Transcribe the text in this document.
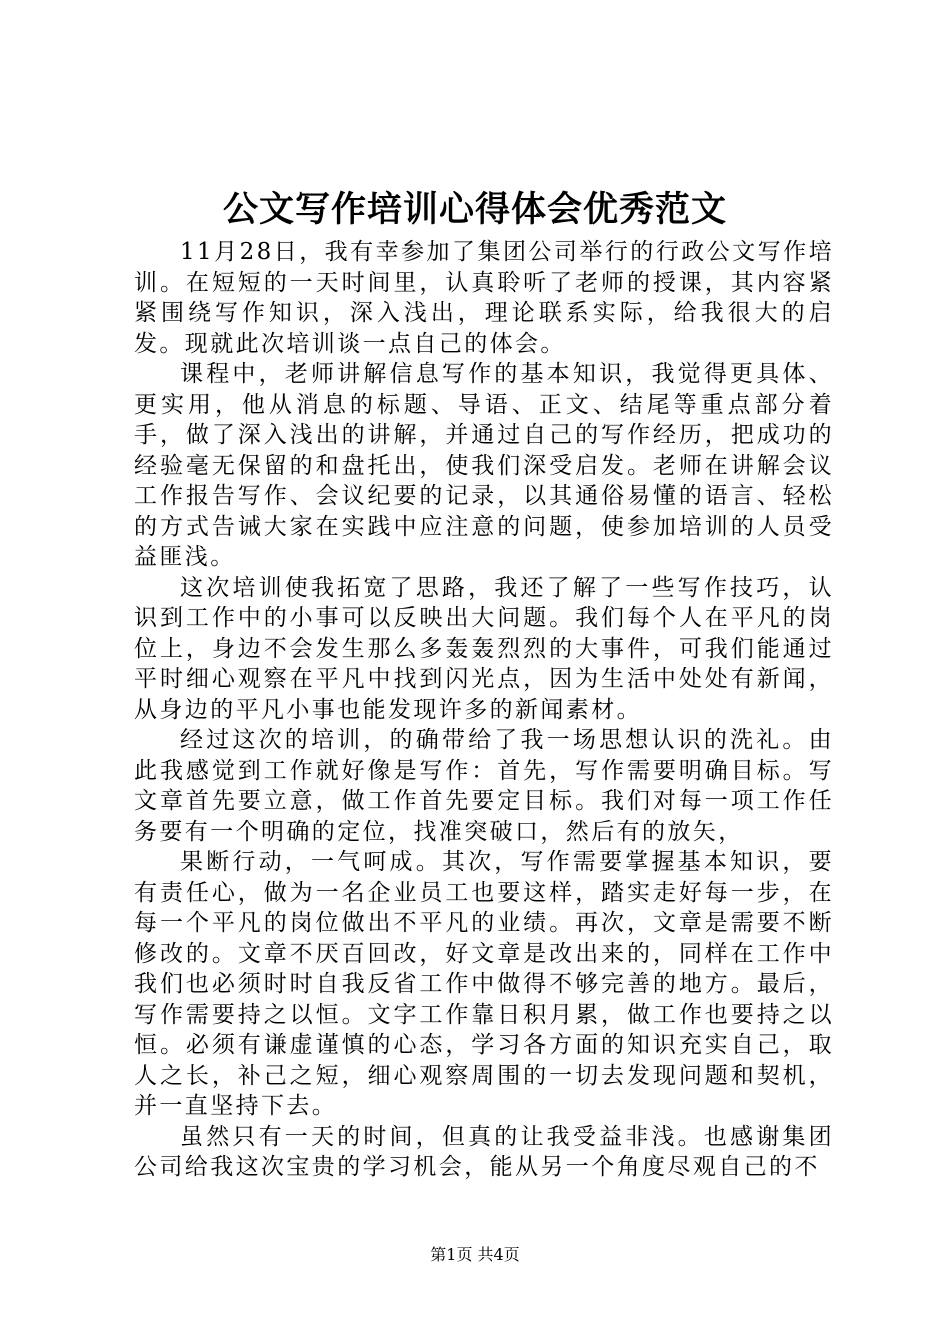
公文写作培训心得体会优秀范文

11月28日，我有幸参加了集团公司举行的行政公文写作培训。在短短的一天时间里，认真聆听了老师的授课，其内容紧紧围绕写作知识，深入浅出，理论联系实际，给我很大的启发。现就此次培训谈一点自己的体会。

课程中，老师讲解信息写作的基本知识，我觉得更具体、更实用，他从消息的标题、导语、正文、结尾等重点部分着手，做了深入浅出的讲解，并通过自己的写作经历，把成功的经验毫无保留的和盘托出，使我们深受启发。老师在讲解会议工作报告写作、会议纪要的记录，以其通俗易懂的语言、轻松的方式告诫大家在实践中应注意的问题，使参加培训的人员受益匪浅。

这次培训使我拓宽了思路，我还了解了一些写作技巧，认识到工作中的小事可以反映出大问题。我们每个人在平凡的岗位上，身边不会发生那么多轰轰烈烈的大事件，可我们能通过平时细心观察在平凡中找到闪光点，因为生活中处处有新闻，从身边的平凡小事也能发现许多的新闻素材。

经过这次的培训，的确带给了我一场思想认识的洗礼。由此我感觉到工作就好像是写作：首先，写作需要明确目标。写文章首先要立意，做工作首先要定目标。我们对每一项工作任务要有一个明确的定位，找准突破口，然后有的放矢，

果断行动，一气呵成。其次，写作需要掌握基本知识，要有责任心，做为一名企业员工也要这样，踏实走好每一步，在每一个平凡的岗位做出不平凡的业绩。再次，文章是需要不断修改的。文章不厌百回改，好文章是改出来的，同样在工作中我们也必须时时自我反省工作中做得不够完善的地方。最后，写作需要持之以恒。文字工作靠日积月累，做工作也要持之以恒。必须有谦虚谨慎的心态，学习各方面的知识充实自己，取人之长，补己之短，细心观察周围的一切去发现问题和契机，并一直坚持下去。

虽然只有一天的时间，但真的让我受益非浅。也感谢集团公司给我这次宝贵的学习机会，能从另一个角度尽观自己的不

第1页 共4页
